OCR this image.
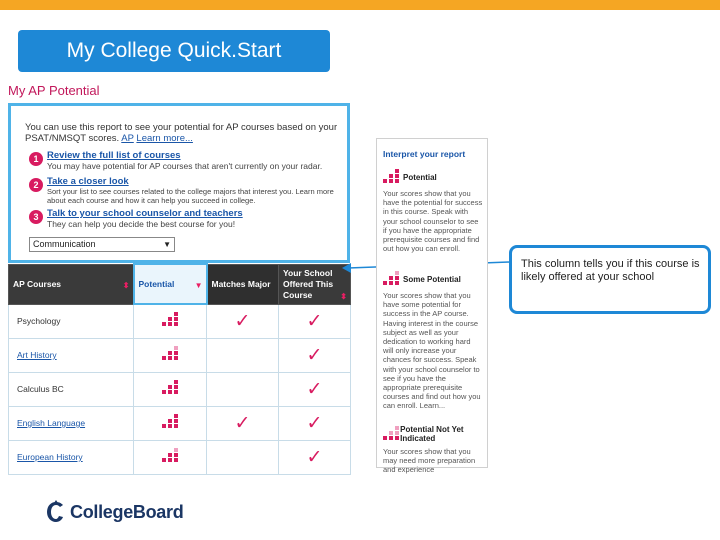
My College Quick.Start
My AP Potential
You can use this report to see your potential for AP courses based on your PSAT/NMSQT scores. AP Learn more...
1 Review the full list of courses
You may have potential for AP courses that aren't currently on your radar.
2 Take a closer look
Sort your list to see courses related to the college majors that interest you. Learn more about each course and how it can help you succeed in college.
3 Talk to your school counselor and teachers
They can help you decide the best course for you!
Communication	▼
AP Courses ⬍	Potential ▼	Matches Major	Your School Offered This Course ⬍

Psychology		✓	✓
Art History			✓
Calculus BC			✓
English Language		✓	✓
European History			✓
Interpret your report
Potential
Your scores show that you have the potential for success in this course. Speak with your school counselor to see if you have the appropriate prerequisite courses and find out how you can enroll.
Some Potential
Your scores show that you have some potential for success in the AP course. Having interest in the course subject as well as your dedication to working hard will only increase your chances for success. Speak with your school counselor to see if you have the appropriate prerequisite courses and find out how you can enroll. Learn...
Potential Not Yet Indicated
Your scores show that you may need more preparation and experience
This column tells you if this course is likely offered at your school
CollegeBoard
